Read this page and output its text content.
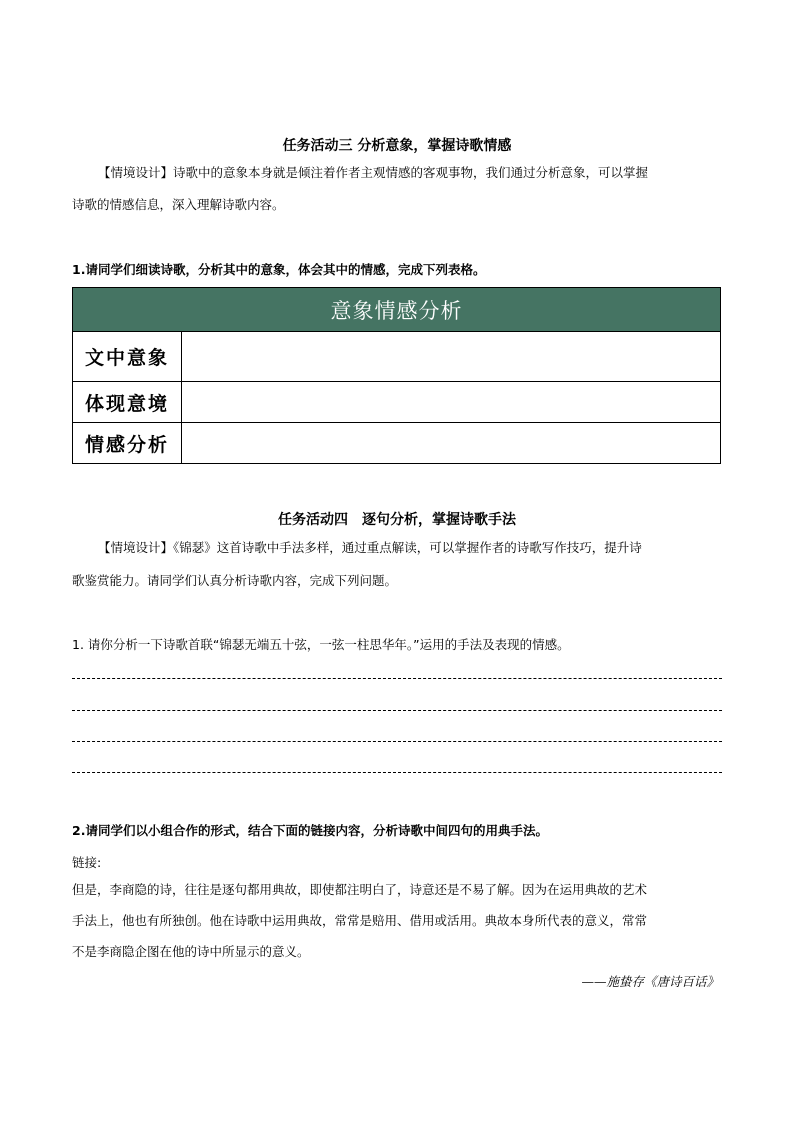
任务活动三 分析意象，掌握诗歌情感
【情境设计】诗歌中的意象本身就是倾注着作者主观情感的客观事物，我们通过分析意象，可以掌握
诗歌的情感信息，深入理解诗歌内容。
1.请同学们细读诗歌，分析其中的意象，体会其中的情感，完成下列表格。
意象情感分析	
文中意象	
体现意境	
情感分析	
任务活动四　逐句分析，掌握诗歌手法
【情境设计】《锦瑟》这首诗歌中手法多样，通过重点解读，可以掌握作者的诗歌写作技巧，提升诗
歌鉴赏能力。请同学们认真分析诗歌内容，完成下列问题。
1. 请你分析一下诗歌首联“锦瑟无端五十弦，一弦一柱思华年。”运用的手法及表现的情感。
2.请同学们以小组合作的形式，结合下面的链接内容，分析诗歌中间四句的用典手法。
链接:
但是，李商隐的诗，往往是逐句都用典故，即使都注明白了，诗意还是不易了解。因为在运用典故的艺术
手法上，他也有所独创。他在诗歌中运用典故，常常是赔用、借用或活用。典故本身所代表的意义，常常
不是李商隐企图在他的诗中所显示的意义。
——施蛰存《唐诗百话》
